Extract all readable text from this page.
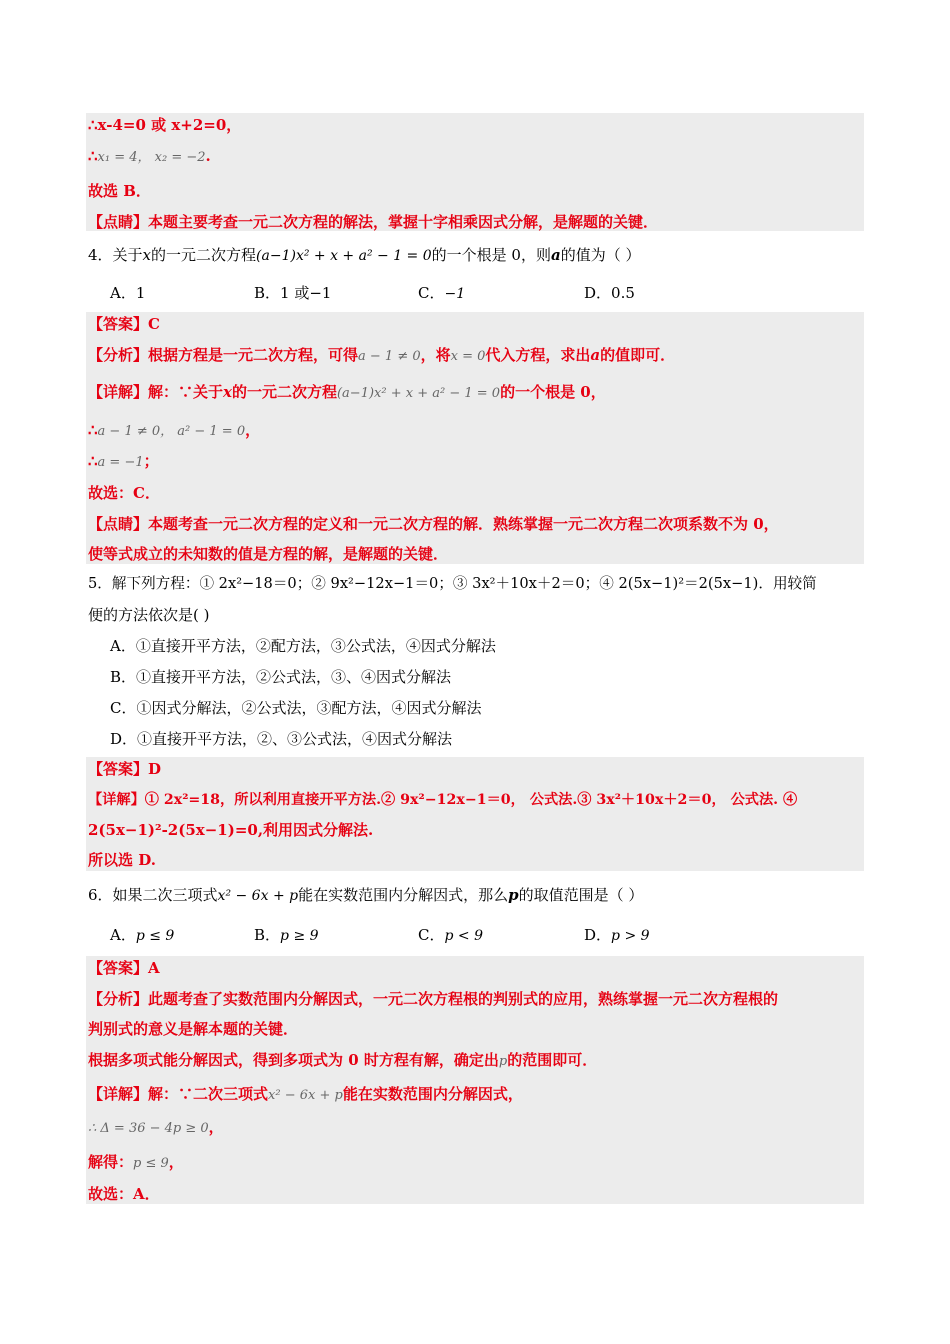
∴x-4=0 或 x+2=0，
∴x₁ = 4， x₂ = −2.
故选 B．
【点睛】本题主要考查一元二次方程的解法，掌握十字相乘因式分解，是解题的关键．
4．关于x的一元二次方程(a−1)x² + x + a² − 1 = 0的一个根是 0，则a的值为（ ）
A．1	B．1 或−1	C．−1	D．0.5
【答案】C
【分析】根据方程是一元二次方程，可得a − 1 ≠ 0，将x = 0代入方程，求出a的值即可．
【详解】解：∵关于x的一元二次方程(a−1)x² + x + a² − 1 = 0的一个根是 0，
∴a − 1 ≠ 0， a² − 1 = 0，
∴a = −1；
故选：C．
【点睛】本题考查一元二次方程的定义和一元二次方程的解．熟练掌握一元二次方程二次项系数不为 0，
使等式成立的未知数的值是方程的解，是解题的关键．
5．解下列方程：① 2x²−18＝0；② 9x²−12x−1＝0；③ 3x²＋10x＋2＝0；④ 2(5x−1)²＝2(5x−1)．用较简
便的方法依次是( )
A．①直接开平方法，②配方法，③公式法，④因式分解法
B．①直接开平方法，②公式法，③、④因式分解法
C．①因式分解法，②公式法，③配方法，④因式分解法
D．①直接开平方法，②、③公式法，④因式分解法
【答案】D
【详解】① 2x²=18，所以利用直接开平方法.② 9x²−12x−1＝0， 公式法.③ 3x²＋10x＋2＝0， 公式法. ④
2(5x−1)²-2(5x−1)=0,利用因式分解法.
所以选 D.
6．如果二次三项式x² − 6x + p能在实数范围内分解因式，那么p的取值范围是（ ）
A．p ≤ 9	B．p ≥ 9	C．p < 9	D．p > 9
【答案】A
【分析】此题考查了实数范围内分解因式，一元二次方程根的判别式的应用，熟练掌握一元二次方程根的
判别式的意义是解本题的关键．
根据多项式能分解因式，得到多项式为 0 时方程有解，确定出p的范围即可．
【详解】解：∵二次三项式x² − 6x + p能在实数范围内分解因式，
∴ Δ = 36 − 4p ≥ 0，
解得：p ≤ 9，
故选：A．
